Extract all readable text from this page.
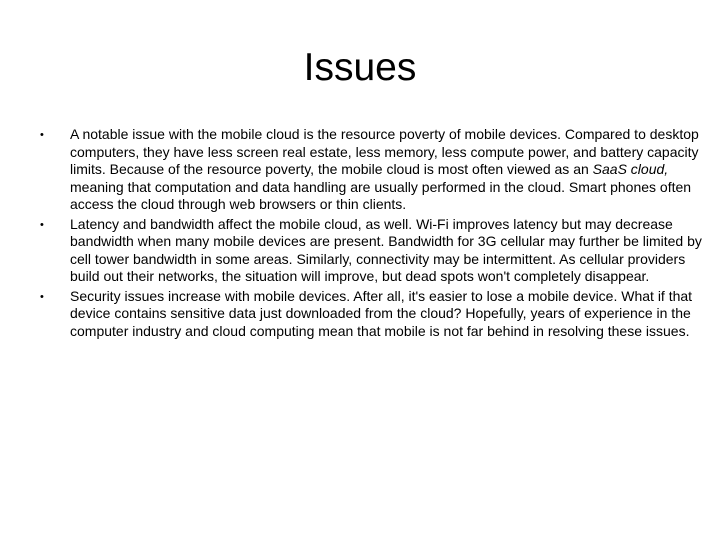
Issues
• A notable issue with the mobile cloud is the resource poverty of mobile devices. Compared to desktop computers, they have less screen real estate, less memory, less compute power, and battery capacity limits. Because of the resource poverty, the mobile cloud is most often viewed as an SaaS cloud, meaning that computation and data handling are usually performed in the cloud. Smart phones often access the cloud through web browsers or thin clients.
• Latency and bandwidth affect the mobile cloud, as well. Wi-Fi improves latency but may decrease bandwidth when many mobile devices are present. Bandwidth for 3G cellular may further be limited by cell tower bandwidth in some areas. Similarly, connectivity may be intermittent. As cellular providers build out their networks, the situation will improve, but dead spots won't completely disappear.
• Security issues increase with mobile devices. After all, it's easier to lose a mobile device. What if that device contains sensitive data just downloaded from the cloud? Hopefully, years of experience in the computer industry and cloud computing mean that mobile is not far behind in resolving these issues.
